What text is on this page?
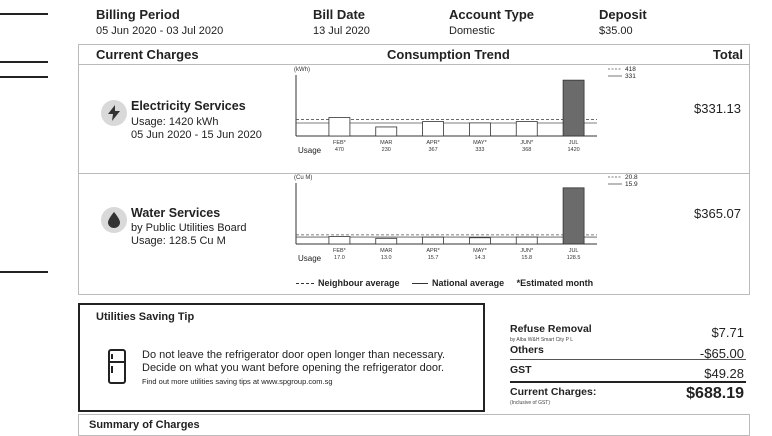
Billing Period
05 Jun 2020 - 03 Jul 2020
Bill Date
13 Jul 2020
Account Type
Domestic
Deposit
$35.00
Current Charges	Consumption Trend	Total
Electricity Services
Usage: 1420 kWh
05 Jun 2020 - 15 Jun 2020
$331.13
Water Services
by Public Utilities Board
Usage: 128.5 Cu M
$365.07
(kWh)
FEB*
470
MAR
230
APR*
367
MAY*
333
JUN*
368
JUL
1420
Usage
418
331
(Cu M)
FEB*
17.0
MAR
13.0
APR*
15.7
MAY*
14.3
JUN*
15.8
JUL
128.5
Usage
20.8
15.9
Neighbour average	National average *Estimated month
Utilities Saving Tip
Do not leave the refrigerator door open longer than necessary. Decide on what you want before opening the refrigerator door.
Find out more utilities saving tips at www.spgroup.com.sg
Refuse Removal
by Alba W&H Smart City P L	$7.71
Others	-$65.00
GST	$49.28
Current Charges:
(Inclusive of GST)
$688.19
Summary of Charges
